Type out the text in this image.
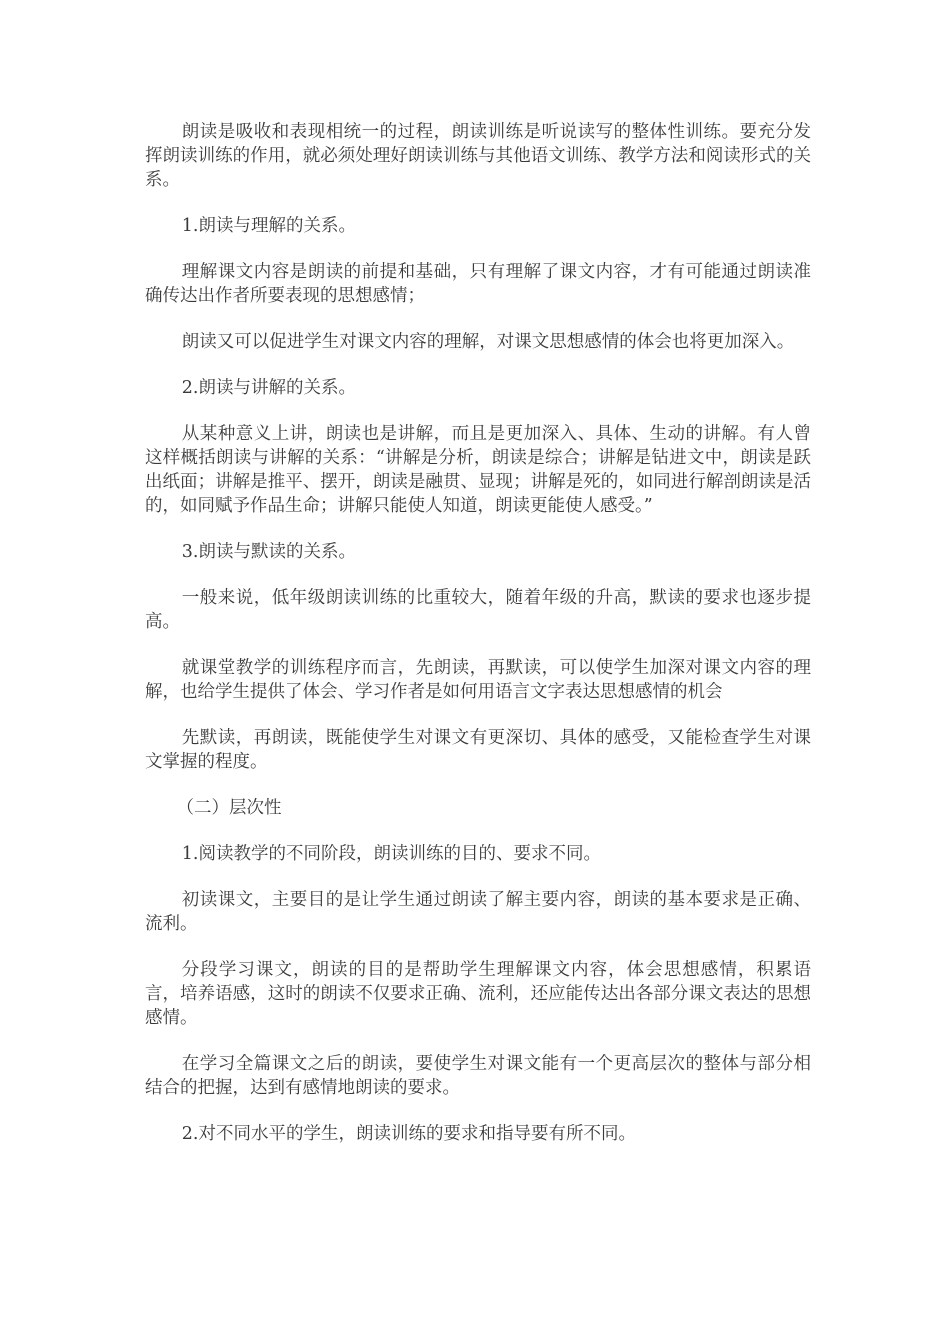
朗读是吸收和表现相统一的过程，朗读训练是听说读写的整体性训练。要充分发挥朗读训练的作用，就必须处理好朗读训练与其他语文训练、教学方法和阅读形式的关系。

1.朗读与理解的关系。

理解课文内容是朗读的前提和基础，只有理解了课文内容，才有可能通过朗读准确传达出作者所要表现的思想感情；

朗读又可以促进学生对课文内容的理解，对课文思想感情的体会也将更加深入。

2.朗读与讲解的关系。

从某种意义上讲，朗读也是讲解，而且是更加深入、具体、生动的讲解。有人曾这样概括朗读与讲解的关系：“讲解是分析，朗读是综合；讲解是钻进文中，朗读是跃出纸面；讲解是推平、摆开，朗读是融贯、显现；讲解是死的，如同进行解剖朗读是活的，如同赋予作品生命；讲解只能使人知道，朗读更能使人感受。”

3.朗读与默读的关系。

一般来说，低年级朗读训练的比重较大，随着年级的升高，默读的要求也逐步提高。

就课堂教学的训练程序而言，先朗读，再默读，可以使学生加深对课文内容的理解，也给学生提供了体会、学习作者是如何用语言文字表达思想感情的机会

先默读，再朗读，既能使学生对课文有更深切、具体的感受，又能检查学生对课文掌握的程度。

（二）层次性

1.阅读教学的不同阶段，朗读训练的目的、要求不同。

初读课文，主要目的是让学生通过朗读了解主要内容，朗读的基本要求是正确、流利。

分段学习课文，朗读的目的是帮助学生理解课文内容，体会思想感情，积累语言，培养语感，这时的朗读不仅要求正确、流利，还应能传达出各部分课文表达的思想感情。

在学习全篇课文之后的朗读，要使学生对课文能有一个更高层次的整体与部分相结合的把握，达到有感情地朗读的要求。

2.对不同水平的学生，朗读训练的要求和指导要有所不同。
